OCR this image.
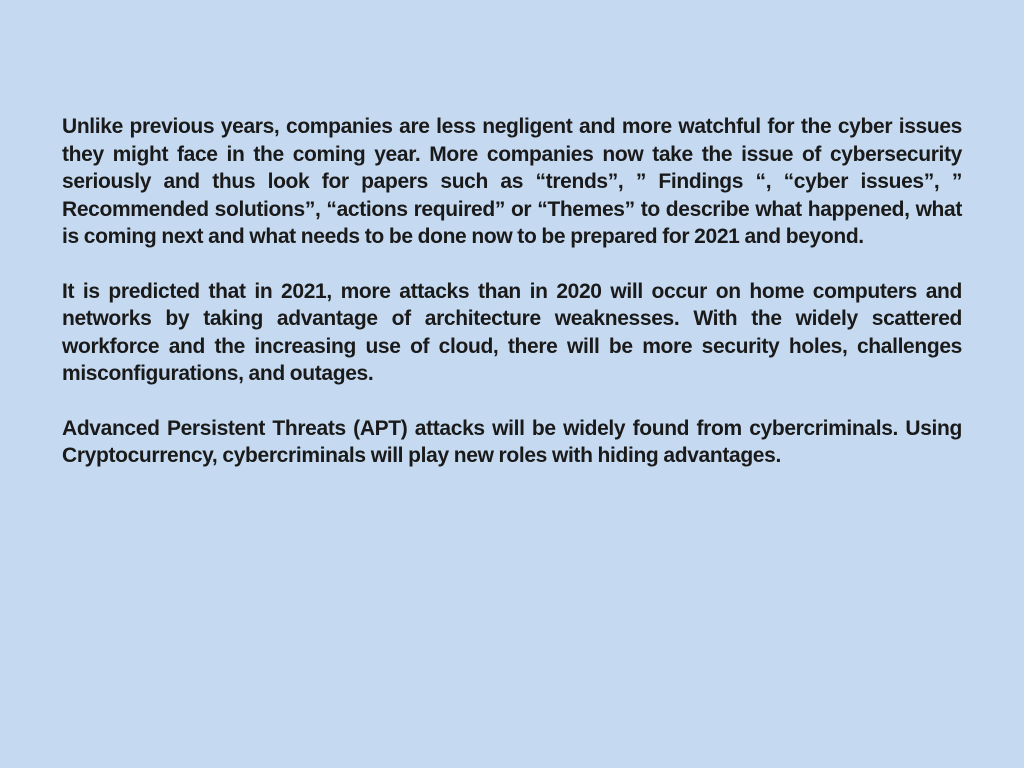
Unlike previous years, companies are less negligent and more watchful for the cyber issues they might face in the coming year. More companies now take the issue of cybersecurity seriously and thus look for papers such as “trends”, ” Findings “, “cyber issues”, ” Recommended solutions”, “actions required” or “Themes” to describe what happened, what is coming next and what needs to be done now to be prepared for 2021 and beyond.

It is predicted that in 2021, more attacks than in 2020 will occur on home computers and networks by taking advantage of architecture weaknesses. With the widely scattered workforce and the increasing use of cloud, there will be more security holes, challenges misconfigurations, and outages.

Advanced Persistent Threats (APT) attacks will be widely found from cybercriminals. Using Cryptocurrency, cybercriminals will play new roles with hiding advantages.
